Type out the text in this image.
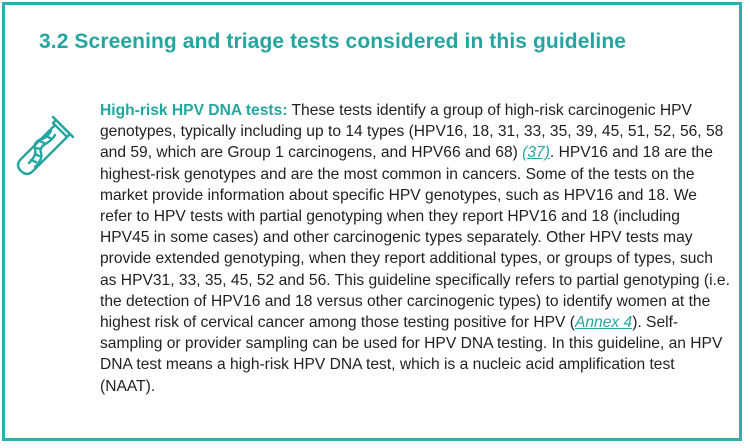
3.2 Screening and triage tests considered in this guideline

High-risk HPV DNA tests: These tests identify a group of high-risk carcinogenic HPV genotypes, typically including up to 14 types (HPV16, 18, 31, 33, 35, 39, 45, 51, 52, 56, 58 and 59, which are Group 1 carcinogens, and HPV66 and 68) (37). HPV16 and 18 are the highest-risk genotypes and are the most common in cancers. Some of the tests on the market provide information about specific HPV genotypes, such as HPV16 and 18. We refer to HPV tests with partial genotyping when they report HPV16 and 18 (including HPV45 in some cases) and other carcinogenic types separately. Other HPV tests may provide extended genotyping, when they report additional types, or groups of types, such as HPV31, 33, 35, 45, 52 and 56. This guideline specifically refers to partial genotyping (i.e. the detection of HPV16 and 18 versus other carcinogenic types) to identify women at the highest risk of cervical cancer among those testing positive for HPV (Annex 4). Self-sampling or provider sampling can be used for HPV DNA testing. In this guideline, an HPV DNA test means a high-risk HPV DNA test, which is a nucleic acid amplification test (NAAT).
